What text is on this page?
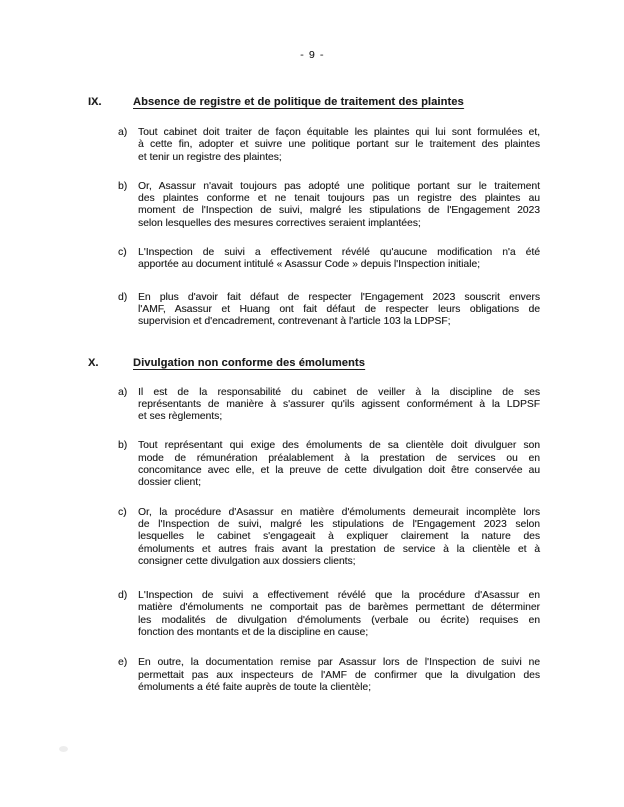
- 9 -
IX.	Absence de registre et de politique de traitement des plaintes
a)	Tout cabinet doit traiter de façon équitable les plaintes qui lui sont formulées et,
à cette fin, adopter et suivre une politique portant sur le traitement des plaintes
et tenir un registre des plaintes;
b)	Or, Asassur n'avait toujours pas adopté une politique portant sur le traitement
des plaintes conforme et ne tenait toujours pas un registre des plaintes au
moment de l'Inspection de suivi, malgré les stipulations de l'Engagement 2023
selon lesquelles des mesures correctives seraient implantées;
c)	L'Inspection de suivi a effectivement révélé qu'aucune modification n'a été
apportée au document intitulé « Asassur Code » depuis l'Inspection initiale;
d)	En plus d'avoir fait défaut de respecter l'Engagement 2023 souscrit envers
l'AMF, Asassur et Huang ont fait défaut de respecter leurs obligations de
supervision et d'encadrement, contrevenant à l'article 103 la LDPSF;
X.	Divulgation non conforme des émoluments
a)	Il est de la responsabilité du cabinet de veiller à la discipline de ses
représentants de manière à s'assurer qu'ils agissent conformément à la LDPSF
et ses règlements;
b)	Tout représentant qui exige des émoluments de sa clientèle doit divulguer son
mode de rémunération préalablement à la prestation de services ou en
concomitance avec elle, et la preuve de cette divulgation doit être conservée au
dossier client;
c)	Or, la procédure d'Asassur en matière d'émoluments demeurait incomplète lors
de l'Inspection de suivi, malgré les stipulations de l'Engagement 2023 selon
lesquelles le cabinet s'engageait à expliquer clairement la nature des
émoluments et autres frais avant la prestation de service à la clientèle et à
consigner cette divulgation aux dossiers clients;
d)	L'Inspection de suivi a effectivement révélé que la procédure d'Asassur en
matière d'émoluments ne comportait pas de barèmes permettant de déterminer
les modalités de divulgation d'émoluments (verbale ou écrite) requises en
fonction des montants et de la discipline en cause;
e)	En outre, la documentation remise par Asassur lors de l'Inspection de suivi ne
permettait pas aux inspecteurs de l'AMF de confirmer que la divulgation des
émoluments a été faite auprès de toute la clientèle;
